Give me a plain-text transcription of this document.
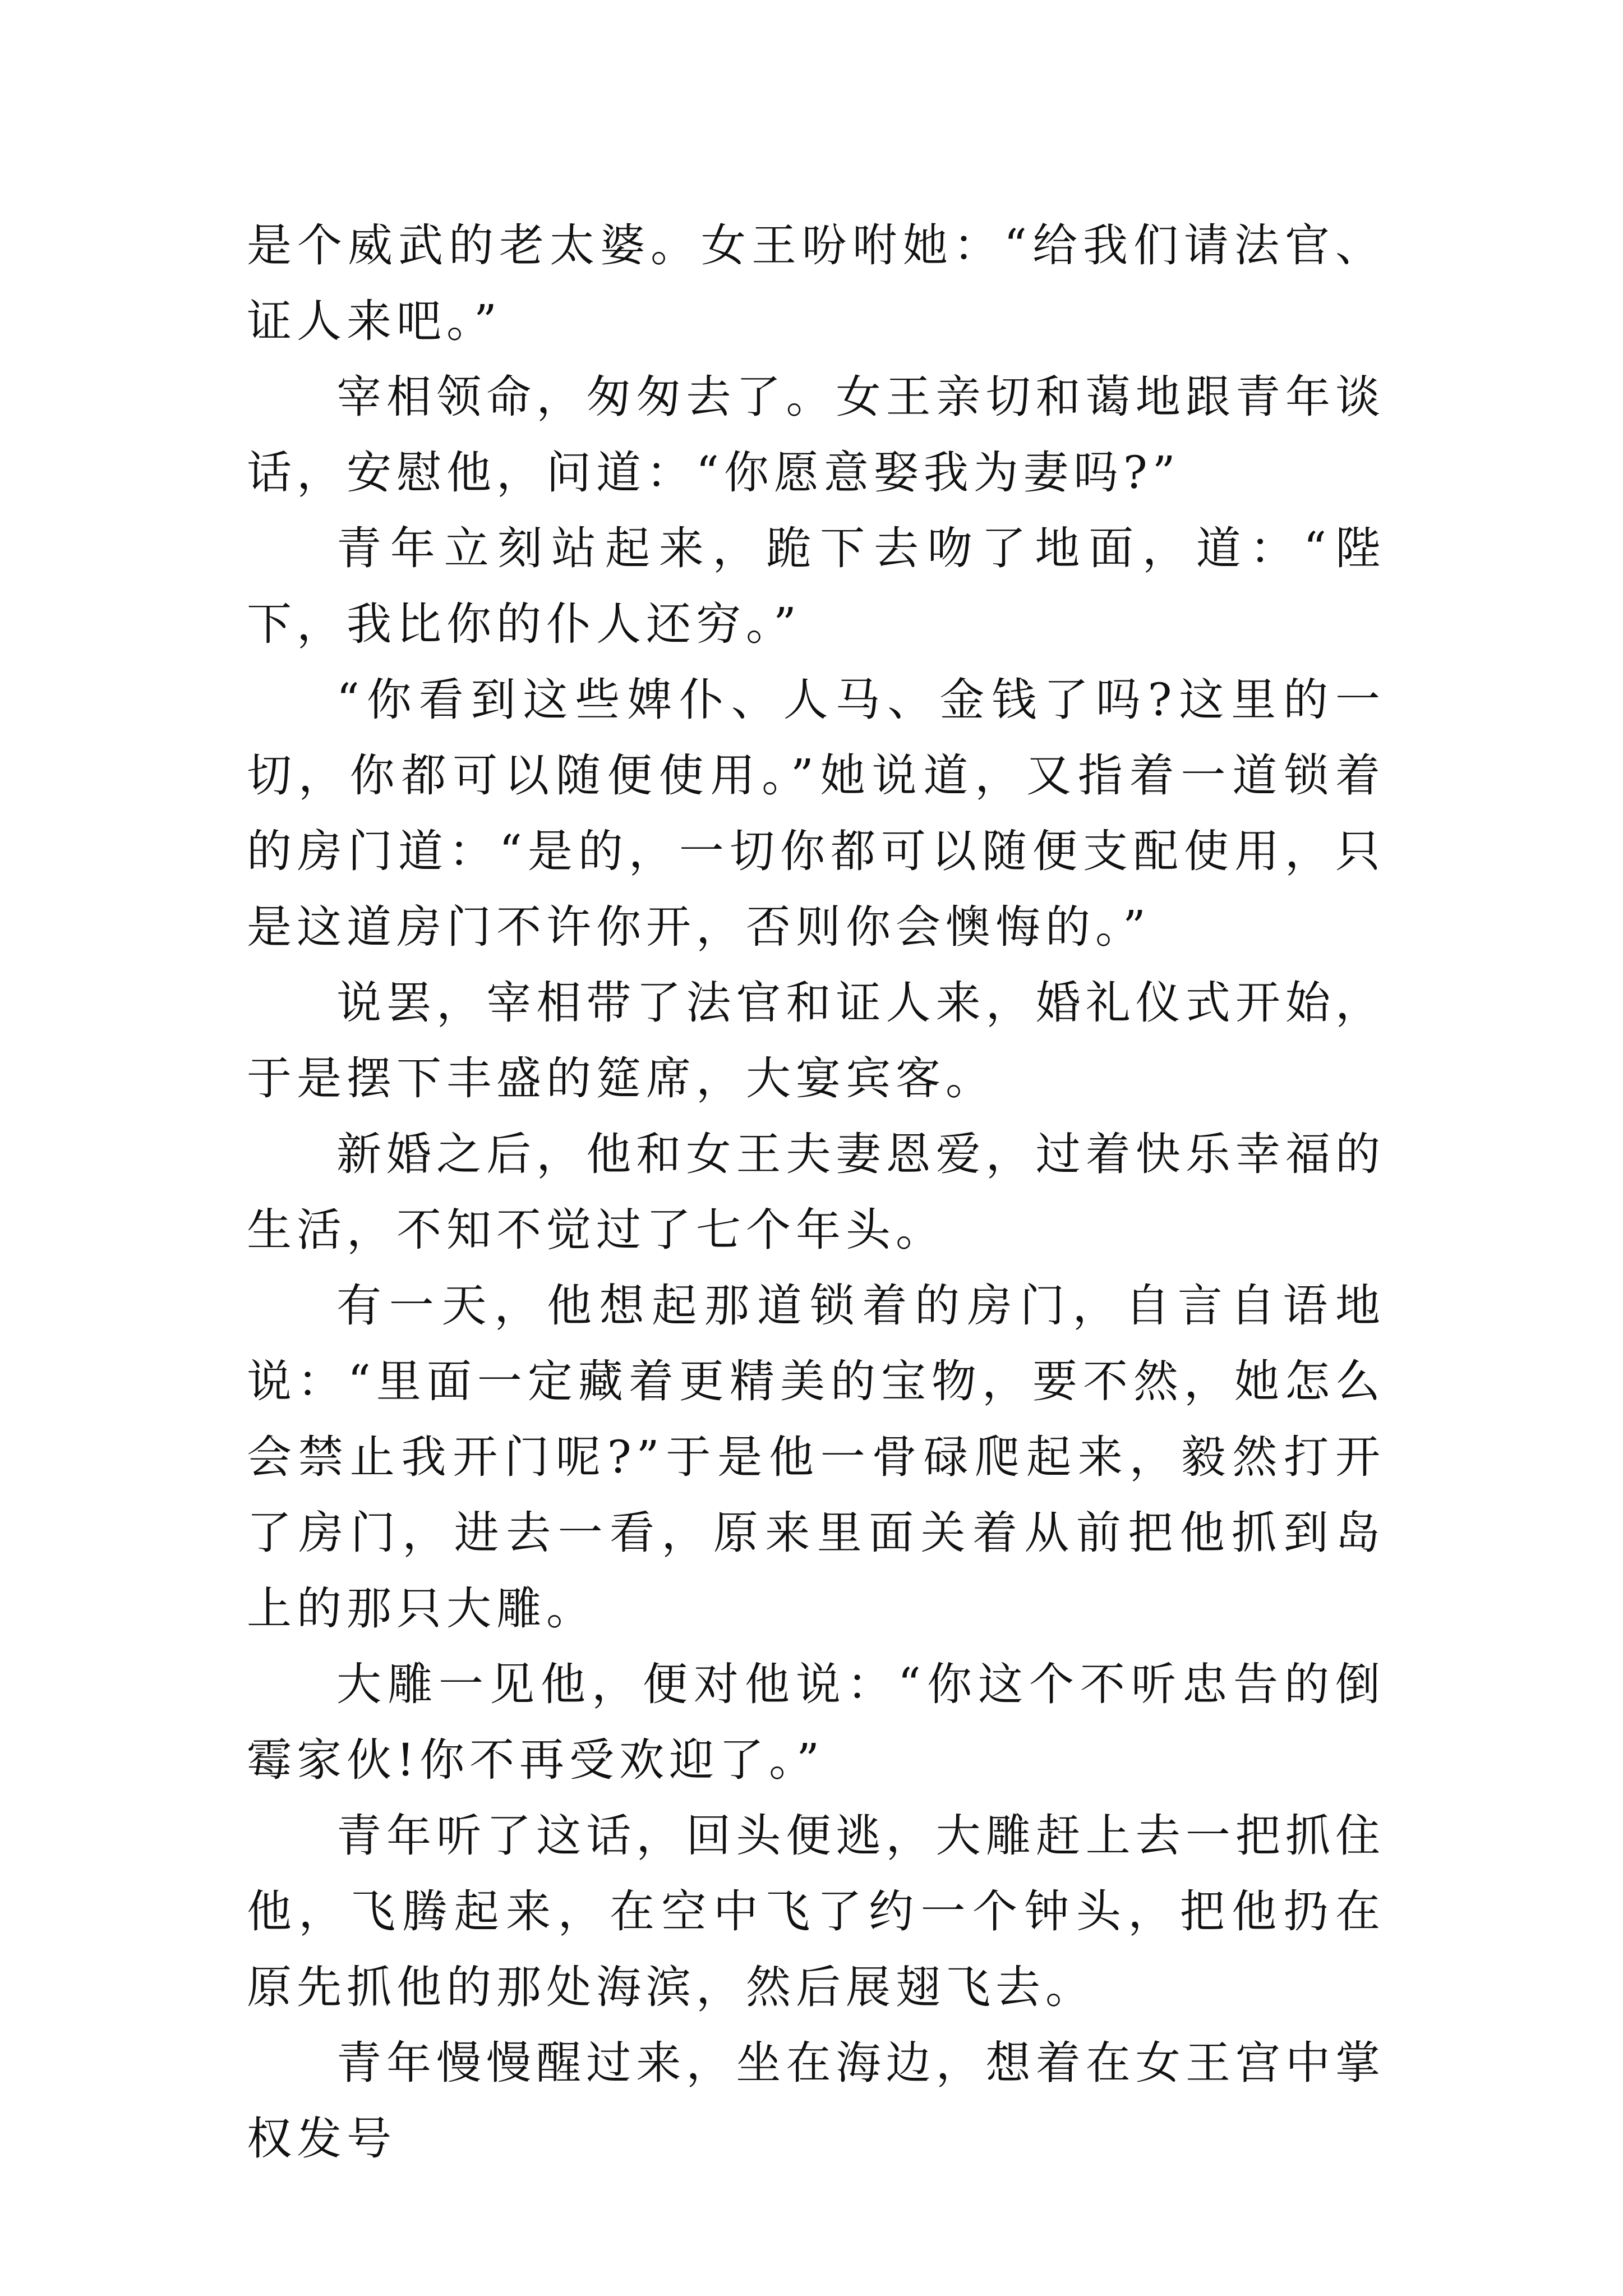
是个威武的老太婆。女王吩咐她：“给我们请法官、证人来吧。”

宰相领命，匆匆去了。女王亲切和蔼地跟青年谈话，安慰他，问道：“你愿意娶我为妻吗?”

青年立刻站起来，跪下去吻了地面，道：“陛下，我比你的仆人还穷。”

“你看到这些婢仆、人马、金钱了吗?这里的一切，你都可以随便使用。”她说道，又指着一道锁着的房门道：“是的，一切你都可以随便支配使用，只是这道房门不许你开，否则你会懊悔的。”

说罢，宰相带了法官和证人来，婚礼仪式开始，于是摆下丰盛的筵席，大宴宾客。

新婚之后，他和女王夫妻恩爱，过着快乐幸福的生活，不知不觉过了七个年头。

有一天，他想起那道锁着的房门，自言自语地说：“里面一定藏着更精美的宝物，要不然，她怎么会禁止我开门呢?”于是他一骨碌爬起来，毅然打开了房门，进去一看，原来里面关着从前把他抓到岛上的那只大雕。

大雕一见他，便对他说：“你这个不听忠告的倒霉家伙!你不再受欢迎了。”

青年听了这话，回头便逃，大雕赶上去一把抓住他，飞腾起来，在空中飞了约一个钟头，把他扔在原先抓他的那处海滨，然后展翅飞去。

青年慢慢醒过来，坐在海边，想着在女王宫中掌权发号
